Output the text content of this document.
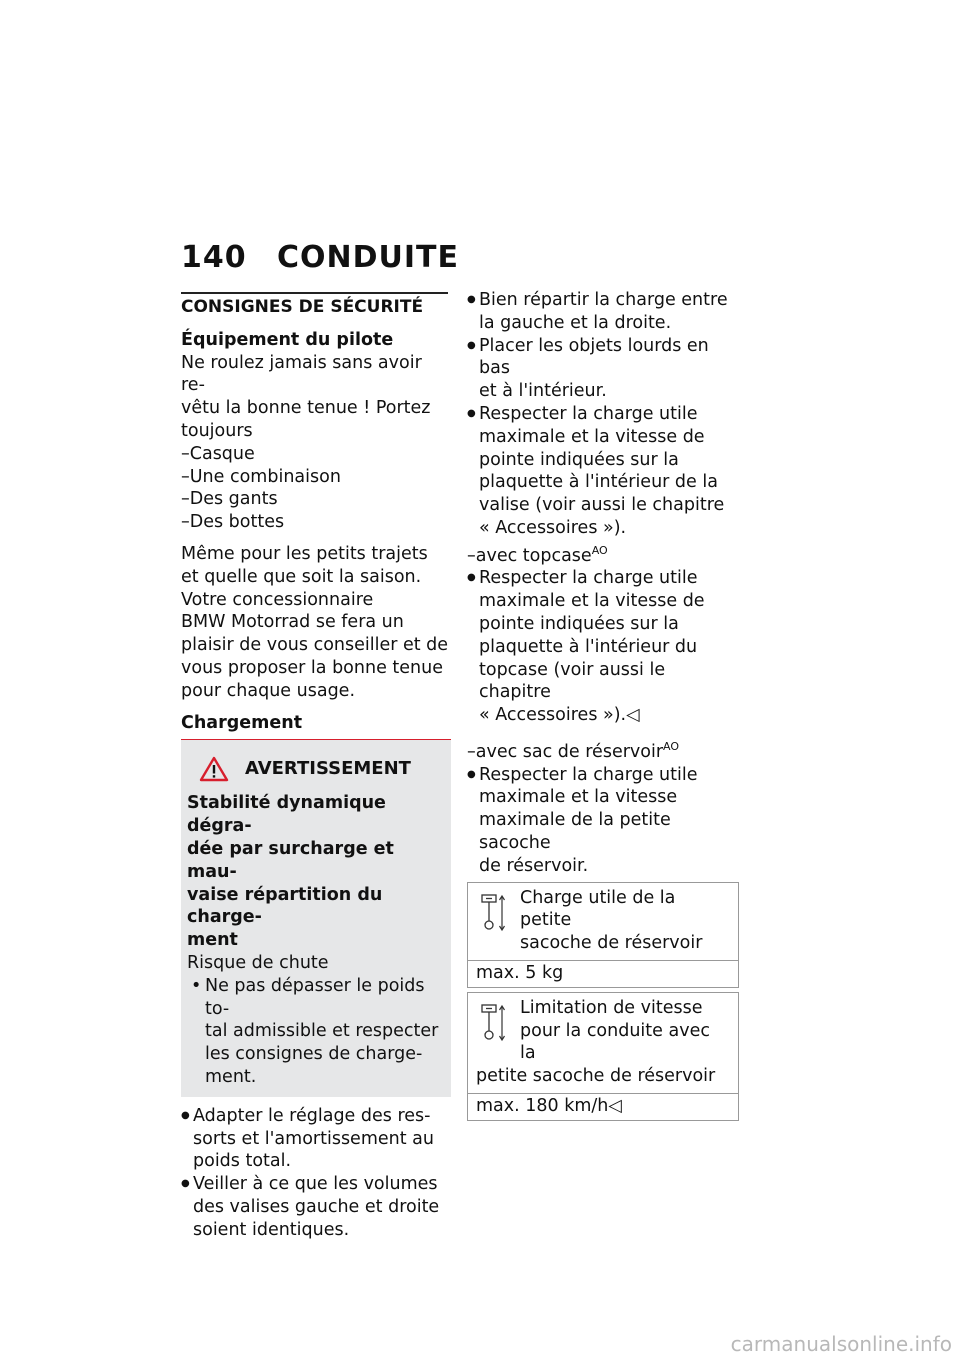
140 CONDUITE
CONSIGNES DE SÉCURITÉ
Équipement du pilote
Ne roulez jamais sans avoir re-
vêtu la bonne tenue ! Portez
toujours
–Casque
–Une combinaison
–Des gants
–Des bottes
Même pour les petits trajets
et quelle que soit la saison.
Votre concessionnaire
BMW Motorrad se fera un
plaisir de vous conseiller et de
vous proposer la bonne tenue
pour chaque usage.
Chargement
AVERTISSEMENT
Stabilité dynamique dégra-
dée par surcharge et mau-
vaise répartition du charge-
ment
Risque de chute
• Ne pas dépasser le poids to-
tal admissible et respecter
les consignes de charge-
ment.
● Adapter le réglage des res-
sorts et l'amortissement au
poids total.
● Veiller à ce que les volumes
des valises gauche et droite
soient identiques.
● Bien répartir la charge entre
la gauche et la droite.
● Placer les objets lourds en bas
et à l'intérieur.
● Respecter la charge utile
maximale et la vitesse de
pointe indiquées sur la
plaquette à l'intérieur de la
valise (voir aussi le chapitre
« Accessoires »).
–avec topcase$^{AO}$
● Respecter la charge utile
maximale et la vitesse de
pointe indiquées sur la
plaquette à l'intérieur du
topcase (voir aussi le chapitre
« Accessoires »).◁
–avec sac de réservoir$^{AO}$
● Respecter la charge utile
maximale et la vitesse
maximale de la petite sacoche
de réservoir.
Charge utile de la petite
sacoche de réservoir
max. 5 kg
Limitation de vitesse
pour la conduite avec la
petite sacoche de réservoir
max. 180 km/h◁
carmanualsonline.info
